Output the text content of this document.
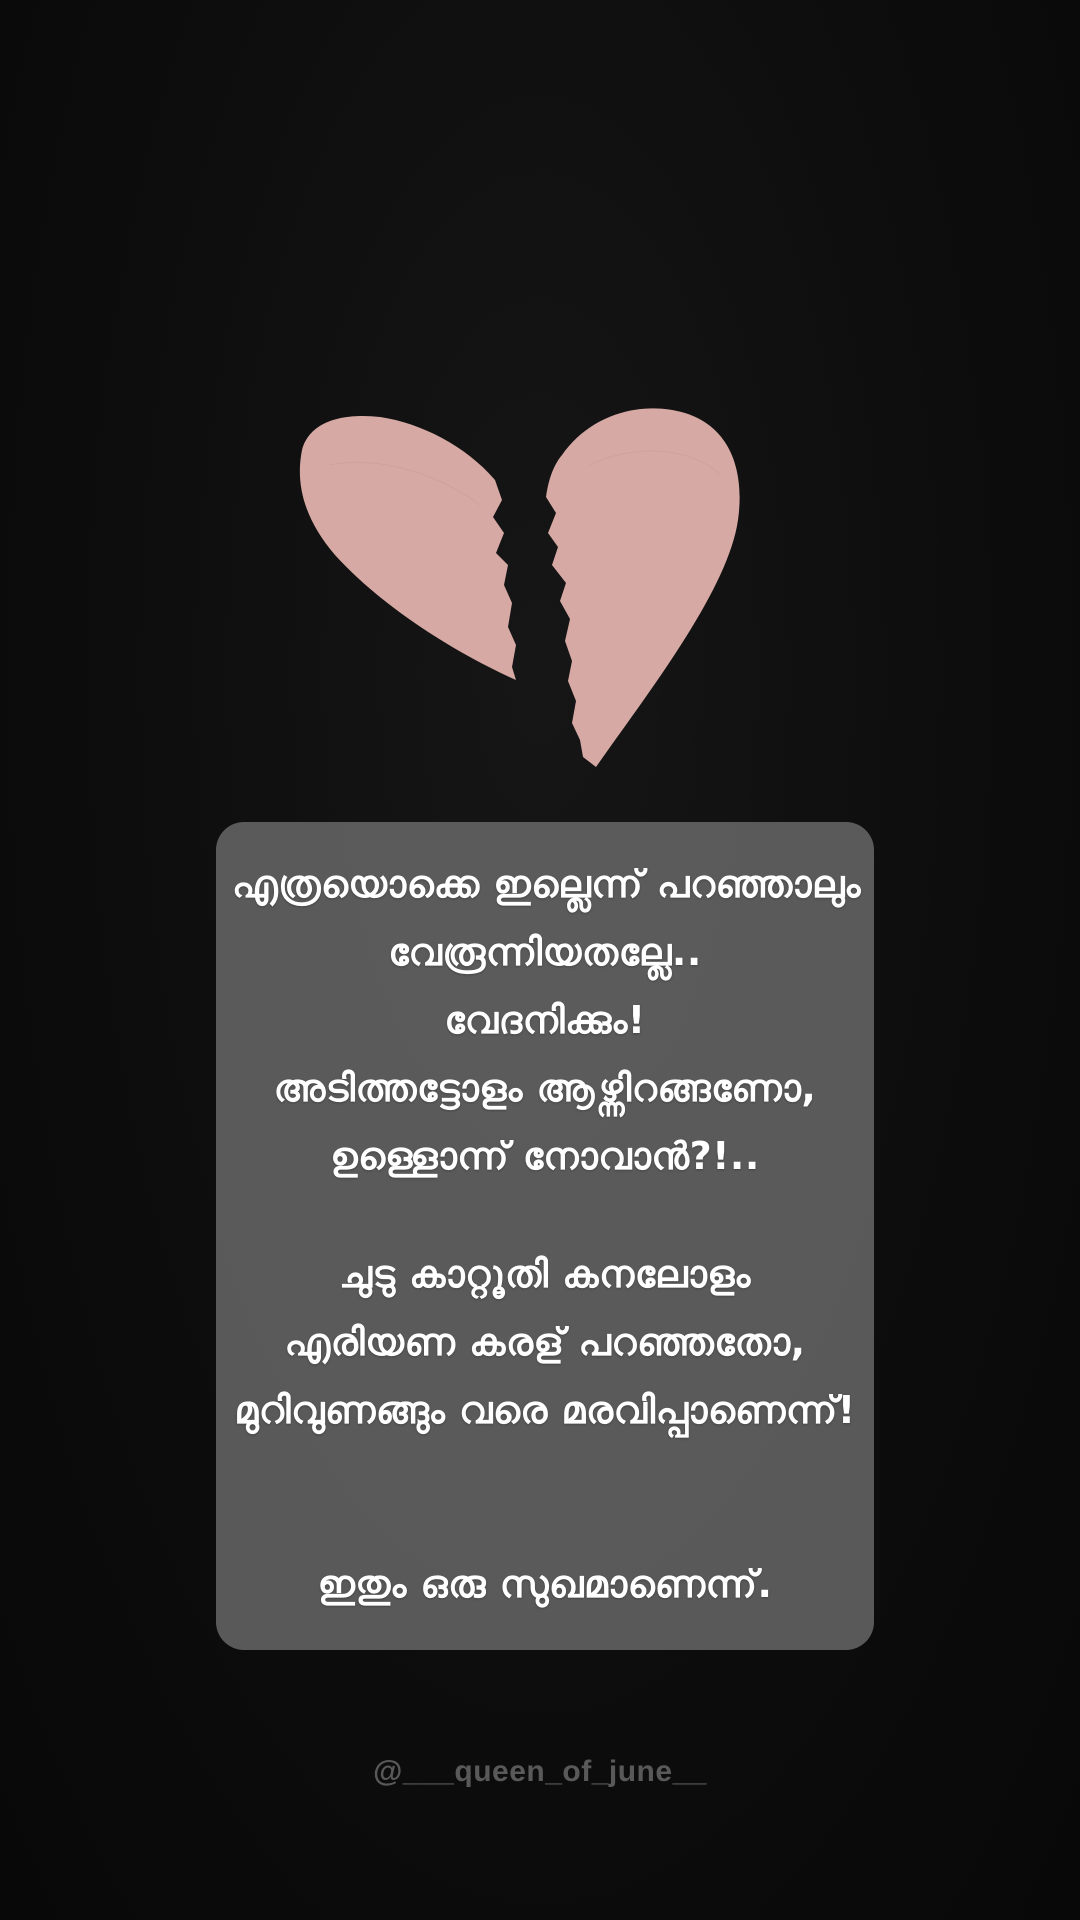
എത്രയൊക്കെ ഇല്ലെന്ന് പറഞ്ഞാലും
വേരൂന്നിയതല്ലേ..
വേദനിക്കും!
അടിത്തട്ടോളം ആഴ്ന്നിറങ്ങണോ,
ഉള്ളൊന്ന് നോവാൻ?!..
ചുടു കാറ്റൂതി കനലോളം
എരിയണ കരള് പറഞ്ഞതോ,
മുറിവുണങ്ങും വരെ മരവിപ്പാണെന്ന്!
ഇതും ഒരു സുഖമാണെന്ന്.
@___queen_of_june__
